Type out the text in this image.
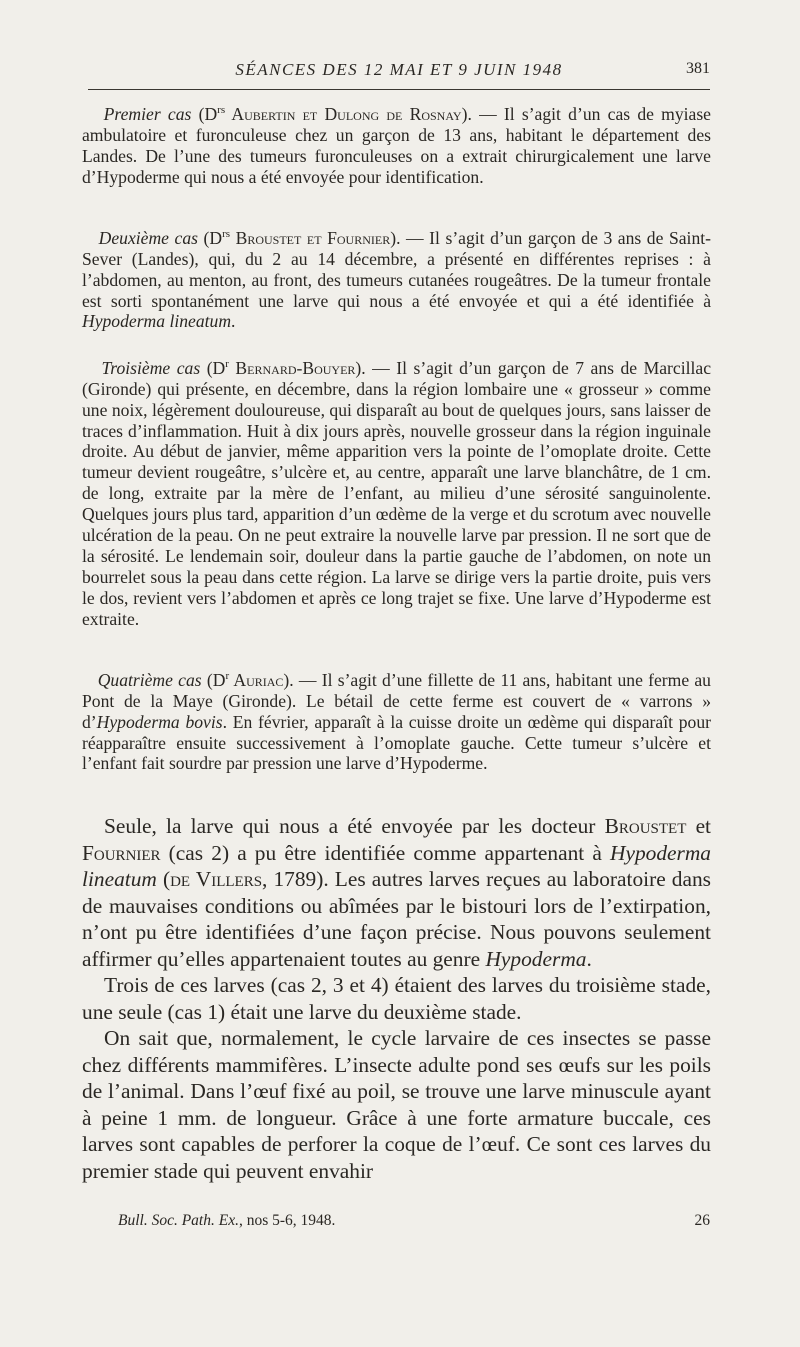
SÉANCES DES 12 MAI ET 9 JUIN 1948	381

Premier cas ($D^{rs}$ Aubertin et Dulong de Rosnay). — Il s’agit d’un cas de myiase ambulatoire et furonculeuse chez un garçon de 13 ans, habitant le département des Landes. De l’une des tumeurs furonculeuses on a extrait chirurgicalement une larve d’Hypoderme qui nous a été envoyée pour identification.

Deuxième cas ($D^{rs}$ Broustet et Fournier). — Il s’agit d’un garçon de 3 ans de Saint-Sever (Landes), qui, du 2 au 14 décembre, a présenté en différentes reprises : à l’abdomen, au menton, au front, des tumeurs cutanées rougeâtres. De la tumeur frontale est sorti spontanément une larve qui nous a été envoyée et qui a été identifiée à Hypoderma lineatum.

Troisième cas ($D^r$ Bernard-Bouyer). — Il s’agit d’un garçon de 7 ans de Marcillac (Gironde) qui présente, en décembre, dans la région lombaire une « grosseur » comme une noix, légèrement douloureuse, qui disparaît au bout de quelques jours, sans laisser de traces d’inflammation. Huit à dix jours après, nouvelle grosseur dans la région inguinale droite. Au début de janvier, même apparition vers la pointe de l’omoplate droite. Cette tumeur devient rougeâtre, s’ulcère et, au centre, apparaît une larve blanchâtre, de 1 cm. de long, extraite par la mère de l’enfant, au milieu d’une sérosité sanguinolente. Quelques jours plus tard, apparition d’un œdème de la verge et du scrotum avec nouvelle ulcération de la peau. On ne peut extraire la nouvelle larve par pression. Il ne sort que de la sérosité. Le lendemain soir, douleur dans la partie gauche de l’abdomen, on note un bourrelet sous la peau dans cette région. La larve se dirige vers la partie droite, puis vers le dos, revient vers l’abdomen et après ce long trajet se fixe. Une larve d’Hypoderme est extraite.

Quatrième cas ($D^r$ Auriac). — Il s’agit d’une fillette de 11 ans, habitant une ferme au Pont de la Maye (Gironde). Le bétail de cette ferme est couvert de « varrons » d’Hypoderma bovis. En février, apparaît à la cuisse droite un œdème qui disparaît pour réapparaître ensuite successivement à l’omoplate gauche. Cette tumeur s’ulcère et l’enfant fait sourdre par pression une larve d’Hypoderme.

Seule, la larve qui nous a été envoyée par les docteur Broustet et Fournier (cas 2) a pu être identifiée comme appartenant à Hypoderma lineatum (de Villers, 1789). Les autres larves reçues au laboratoire dans de mauvaises conditions ou abîmées par le bistouri lors de l’extirpation, n’ont pu être identifiées d’une façon précise. Nous pouvons seulement affirmer qu’elles appartenaient toutes au genre Hypoderma.

Trois de ces larves (cas 2, 3 et 4) étaient des larves du troisième stade, une seule (cas 1) était une larve du deuxième stade.

On sait que, normalement, le cycle larvaire de ces insectes se passe chez différents mammifères. L’insecte adulte pond ses œufs sur les poils de l’animal. Dans l’œuf fixé au poil, se trouve une larve minuscule ayant à peine 1 mm. de longueur. Grâce à une forte armature buccale, ces larves sont capables de perforer la coque de l’œuf. Ce sont ces larves du premier stade qui peuvent envahir

Bull. Soc. Path. Ex., nos 5-6, 1948.	26
